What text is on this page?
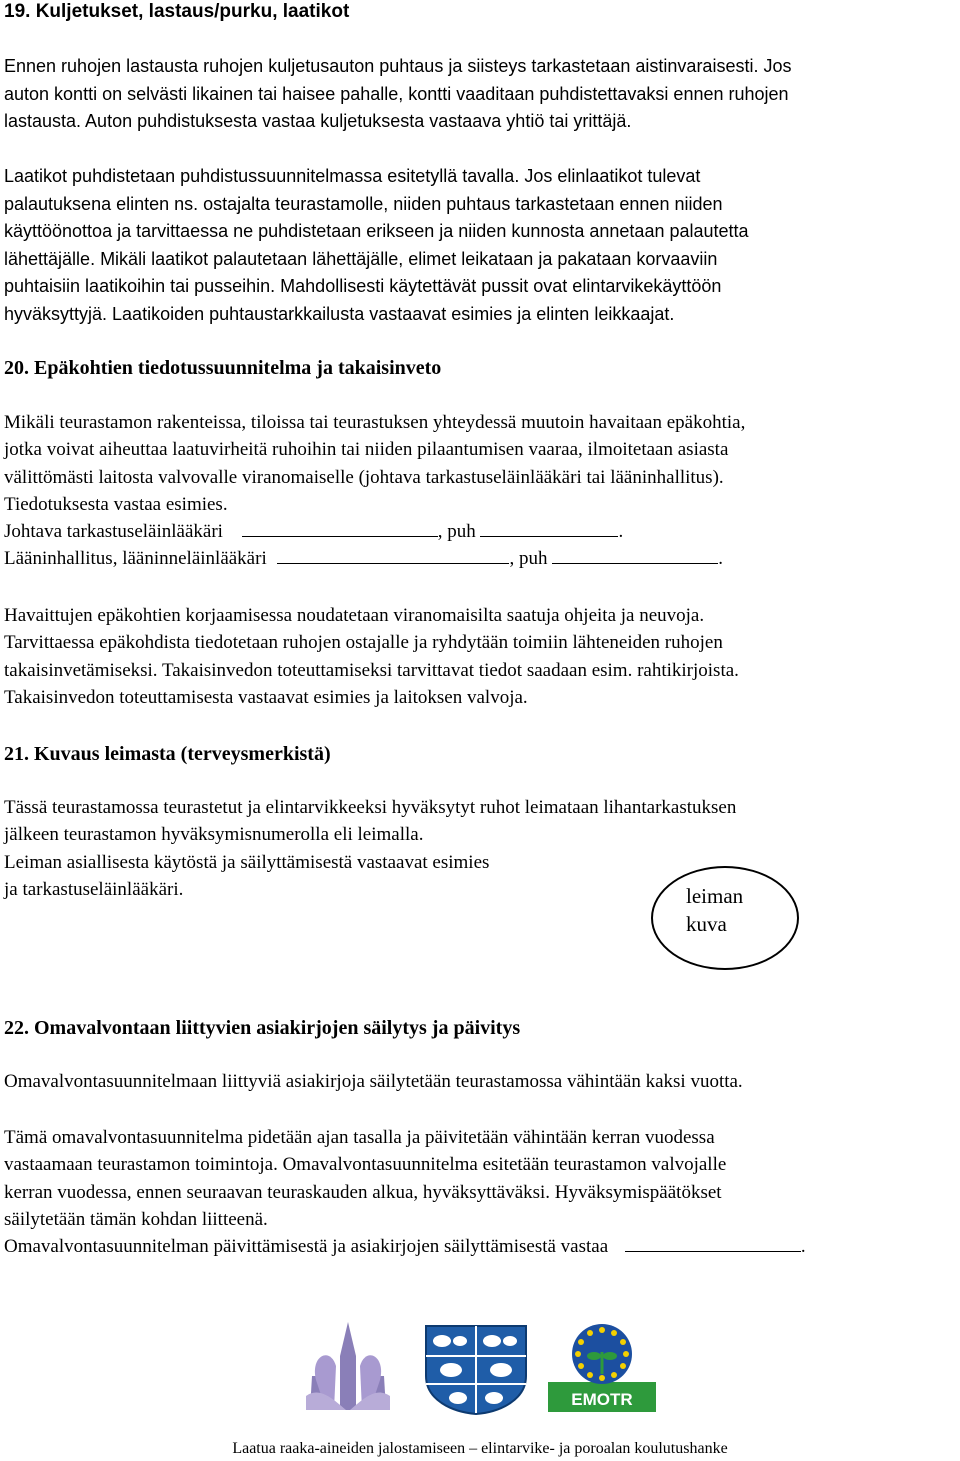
19. Kuljetukset, lastaus/purku, laatikot
Ennen ruhojen lastausta ruhojen kuljetusauton puhtaus ja siisteys tarkastetaan aistinvaraisesti. Jos
auton kontti on selvästi likainen tai haisee pahalle, kontti vaaditaan puhdistettavaksi ennen ruhojen
lastausta. Auton puhdistuksesta vastaa kuljetuksesta vastaava yhtiö tai yrittäjä.
Laatikot puhdistetaan puhdistussuunnitelmassa esitetyllä tavalla. Jos elinlaatikot tulevat
palautuksena elinten ns. ostajalta teurastamolle, niiden puhtaus tarkastetaan ennen niiden
käyttöönottoa ja tarvittaessa ne puhdistetaan erikseen ja niiden kunnosta annetaan palautetta
lähettäjälle. Mikäli laatikot palautetaan lähettäjälle, elimet leikataan ja pakataan korvaaviin
puhtaisiin laatikoihin tai pusseihin. Mahdollisesti käytettävät pussit ovat elintarvikekäyttöön
hyväksyttyjä. Laatikoiden puhtaustarkkailusta vastaavat esimies ja elinten leikkaajat.
20. Epäkohtien tiedotussuunnitelma ja takaisinveto
Mikäli teurastamon rakenteissa, tiloissa tai teurastuksen yhteydessä muutoin havaitaan epäkohtia,
jotka voivat aiheuttaa laatuvirheitä ruhoihin tai niiden pilaantumisen vaaraa, ilmoitetaan asiasta
välittömästi laitosta valvovalle viranomaiselle (johtava tarkastuseläinlääkäri tai lääninhallitus).
Tiedotuksesta vastaa esimies.
Johtava tarkastuseläinlääkäri	, puh	.
Lääninhallitus, lääninneläinlääkäri	, puh	.
Havaittujen epäkohtien korjaamisessa noudatetaan viranomaisilta saatuja ohjeita ja neuvoja.
Tarvittaessa epäkohdista tiedotetaan ruhojen ostajalle ja ryhdytään toimiin lähteneiden ruhojen
takaisinvetämiseksi. Takaisinvedon toteuttamiseksi tarvittavat tiedot saadaan esim. rahtikirjoista.
Takaisinvedon toteuttamisesta vastaavat esimies ja laitoksen valvoja.
21. Kuvaus leimasta (terveysmerkistä)
Tässä teurastamossa teurastetut ja elintarvikkeeksi hyväksytyt ruhot leimataan lihantarkastuksen
jälkeen teurastamon hyväksymisnumerolla eli leimalla.
Leiman asiallisesta käytöstä ja säilyttämisestä vastaavat esimies
ja tarkastuseläinlääkäri.	leiman
kuva
22. Omavalvontaan liittyvien asiakirjojen säilytys ja päivitys
Omavalvontasuunnitelmaan liittyviä asiakirjoja säilytetään teurastamossa vähintään kaksi vuotta.
Tämä omavalvontasuunnitelma pidetään ajan tasalla ja päivitetään vähintään kerran vuodessa
vastaamaan teurastamon toimintoja. Omavalvontasuunnitelma esitetään teurastamon valvojalle
kerran vuodessa, ennen seuraavan teuraskauden alkua, hyväksyttäväksi. Hyväksymispäätökset
säilytetään tämän kohdan liitteenä.
Omavalvontasuunnitelman päivittämisestä ja asiakirjojen säilyttämisestä vastaa	.
EMOTR
Laatua raaka-aineiden jalostamiseen – elintarvike- ja poroalan koulutushanke
